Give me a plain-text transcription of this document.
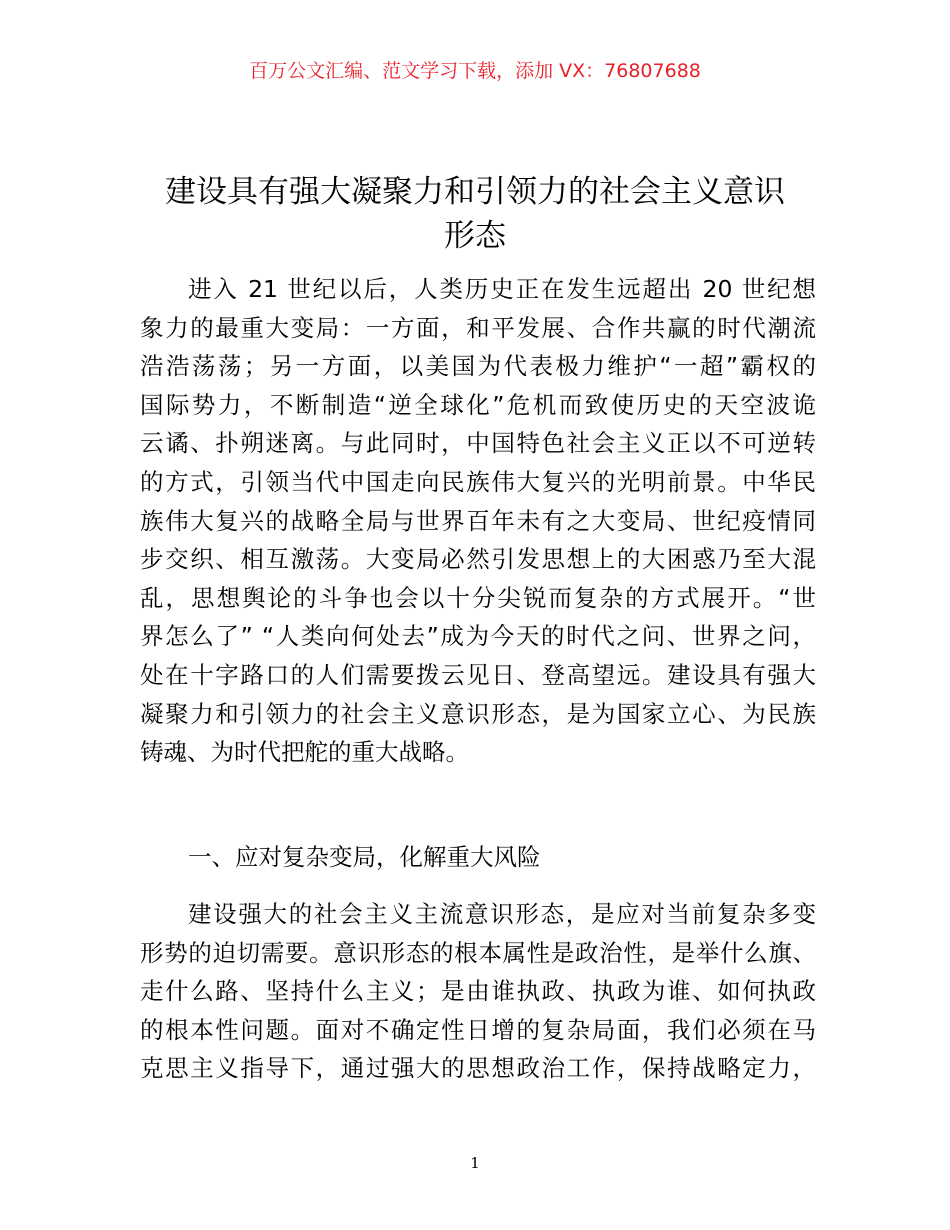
百万公文汇编、范文学习下载，添加 VX：76807688
建设具有强大凝聚力和引领力的社会主义意识
形态
进入 21 世纪以后，人类历史正在发生远超出 20 世纪想
象力的最重大变局：一方面，和平发展、合作共赢的时代潮流
浩浩荡荡；另一方面，以美国为代表极力维护“一超”霸权的
国际势力，不断制造“逆全球化”危机而致使历史的天空波诡
云谲、扑朔迷离。与此同时，中国特色社会主义正以不可逆转
的方式，引领当代中国走向民族伟大复兴的光明前景。中华民
族伟大复兴的战略全局与世界百年未有之大变局、世纪疫情同
步交织、相互激荡。大变局必然引发思想上的大困惑乃至大混
乱，思想舆论的斗争也会以十分尖锐而复杂的方式展开。“世
界怎么了” “人类向何处去”成为今天的时代之问、世界之问，
处在十字路口的人们需要拨云见日、登高望远。建设具有强大
凝聚力和引领力的社会主义意识形态，是为国家立心、为民族
铸魂、为时代把舵的重大战略。
一、应对复杂变局，化解重大风险
建设强大的社会主义主流意识形态，是应对当前复杂多变
形势的迫切需要。意识形态的根本属性是政治性，是举什么旗、
走什么路、坚持什么主义；是由谁执政、执政为谁、如何执政
的根本性问题。面对不确定性日增的复杂局面，我们必须在马
克思主义指导下，通过强大的思想政治工作，保持战略定力，
1
